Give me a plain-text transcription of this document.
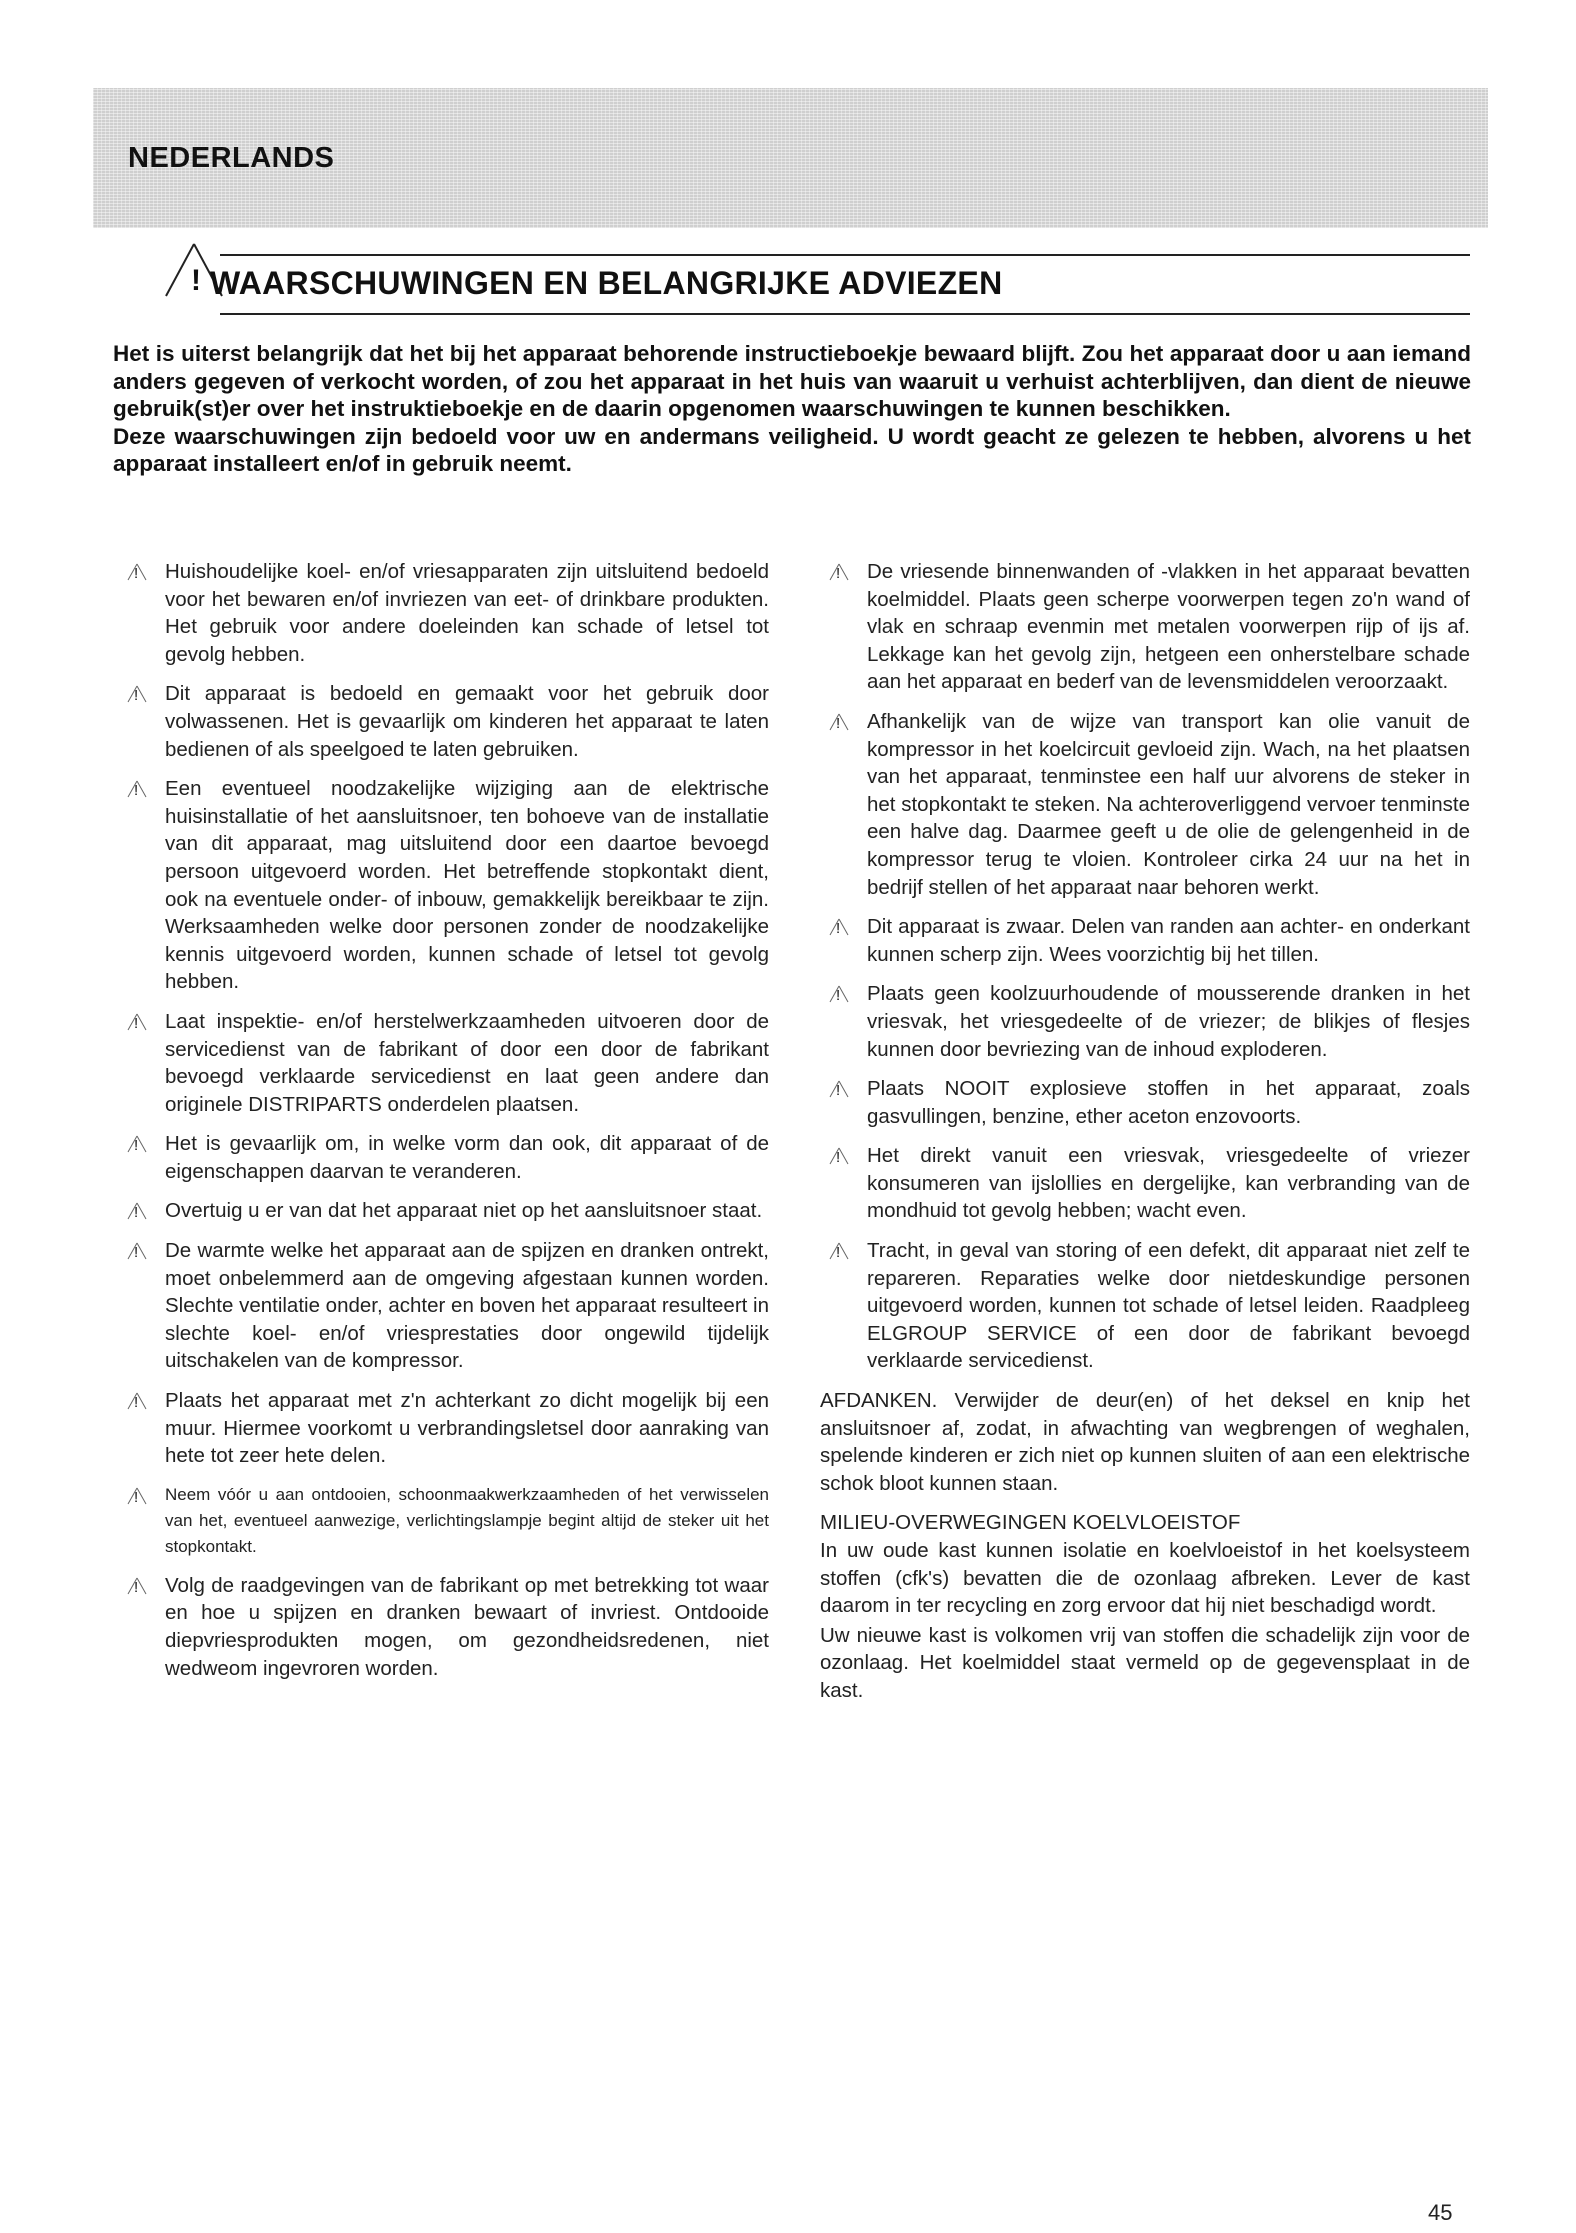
NEDERLANDS
! WAARSCHUWINGEN EN BELANGRIJKE ADVIEZEN

Het is uiterst belangrijk dat het bij het apparaat behorende instructieboekje bewaard blijft. Zou het apparaat door u aan iemand anders gegeven of verkocht worden, of zou het apparaat in het huis van waaruit u verhuist achterblijven, dan dient de nieuwe gebruik(st)er over het instruktieboekje en de daarin opgenomen waarschuwingen te kunnen beschikken.

Deze waarschuwingen zijn bedoeld voor uw en andermans veiligheid. U wordt geacht ze gelezen te hebben, alvorens u het apparaat installeert en/of in gebruik neemt.

! Huishoudelijke koel- en/of vriesapparaten zijn uitsluitend bedoeld voor het bewaren en/of invriezen van eet- of drinkbare produkten. Het gebruik voor andere doeleinden kan schade of letsel tot gevolg hebben.
! Dit apparaat is bedoeld en gemaakt voor het gebruik door volwassenen. Het is gevaarlijk om kinderen het apparaat te laten bedienen of als speelgoed te laten gebruiken.
! Een eventueel noodzakelijke wijziging aan de elektrische huisinstallatie of het aansluitsnoer, ten bohoeve van de installatie van dit apparaat, mag uitsluitend door een daartoe bevoegd persoon uitgevoerd worden. Het betreffende stopkontakt dient, ook na eventuele onder- of inbouw, gemakkelijk bereikbaar te zijn. Werksaamheden welke door personen zonder de noodzakelijke kennis uitgevoerd worden, kunnen schade of letsel tot gevolg hebben.
! Laat inspektie- en/of herstelwerkzaamheden uitvoeren door de servicedienst van de fabrikant of door een door de fabrikant bevoegd verklaarde servicedienst en laat geen andere dan originele DISTRIPARTS onderdelen plaatsen.
! Het is gevaarlijk om, in welke vorm dan ook, dit apparaat of de eigenschappen daarvan te veranderen.
! Overtuig u er van dat het apparaat niet op het aansluitsnoer staat.
! De warmte welke het apparaat aan de spijzen en dranken ontrekt, moet onbelemmerd aan de omgeving afgestaan kunnen worden. Slechte ventilatie onder, achter en boven het apparaat resulteert in slechte koel- en/of vriesprestaties door ongewild tijdelijk uitschakelen van de kompressor.
! Plaats het apparaat met z'n achterkant zo dicht mogelijk bij een muur. Hiermee voorkomt u verbrandingsletsel door aanraking van hete tot zeer hete delen.
! Neem vóór u aan ontdooien, schoonmaakwerkzaamheden of het verwisselen van het, eventueel aanwezige, verlichtingslampje begint altijd de steker uit het stopkontakt.
! Volg de raadgevingen van de fabrikant op met betrekking tot waar en hoe u spijzen en dranken bewaart of invriest. Ontdooide diepvriesprodukten mogen, om gezondheidsredenen, niet wedweom ingevroren worden.
! De vriesende binnenwanden of -vlakken in het apparaat bevatten koelmiddel. Plaats geen scherpe voorwerpen tegen zo'n wand of vlak en schraap evenmin met metalen voorwerpen rijp of ijs af. Lekkage kan het gevolg zijn, hetgeen een onherstelbare schade aan het apparaat en bederf van de levensmiddelen veroorzaakt.
! Afhankelijk van de wijze van transport kan olie vanuit de kompressor in het koelcircuit gevloeid zijn. Wach, na het plaatsen van het apparaat, tenminstee een half uur alvorens de steker in het stopkontakt te steken. Na achteroverliggend vervoer tenminste een halve dag. Daarmee geeft u de olie de gelengenheid in de kompressor terug te vloien. Kontroleer cirka 24 uur na het in bedrijf stellen of het apparaat naar behoren werkt.
! Dit apparaat is zwaar. Delen van randen aan achter- en onderkant kunnen scherp zijn. Wees voorzichtig bij het tillen.
! Plaats geen koolzuurhoudende of mousserende dranken in het vriesvak, het vriesgedeelte of de vriezer; de blikjes of flesjes kunnen door bevriezing van de inhoud exploderen.
! Plaats NOOIT explosieve stoffen in het apparaat, zoals gasvullingen, benzine, ether aceton enzovoorts.
! Het direkt vanuit een vriesvak, vriesgedeelte of vriezer konsumeren van ijslollies en dergelijke, kan verbranding van de mondhuid tot gevolg hebben; wacht even.
! Tracht, in geval van storing of een defekt, dit apparaat niet zelf te repareren. Reparaties welke door nietdeskundige personen uitgevoerd worden, kunnen tot schade of letsel leiden. Raadpleeg ELGROUP SERVICE of een door de fabrikant bevoegd verklaarde servicedienst.

AFDANKEN. Verwijder de deur(en) of het deksel en knip het ansluitsnoer af, zodat, in afwachting van wegbrengen of weghalen, spelende kinderen er zich niet op kunnen sluiten of aan een elektrische schok bloot kunnen staan.

MILIEU-OVERWEGINGEN KOELVLOEISTOF

In uw oude kast kunnen isolatie en koelvloeistof in het koelsysteem stoffen (cfk's) bevatten die de ozonlaag afbreken. Lever de kast daarom in ter recycling en zorg ervoor dat hij niet beschadigd wordt.

Uw nieuwe kast is volkomen vrij van stoffen die schadelijk zijn voor de ozonlaag. Het koelmiddel staat vermeld op de gegevensplaat in de kast.

45
